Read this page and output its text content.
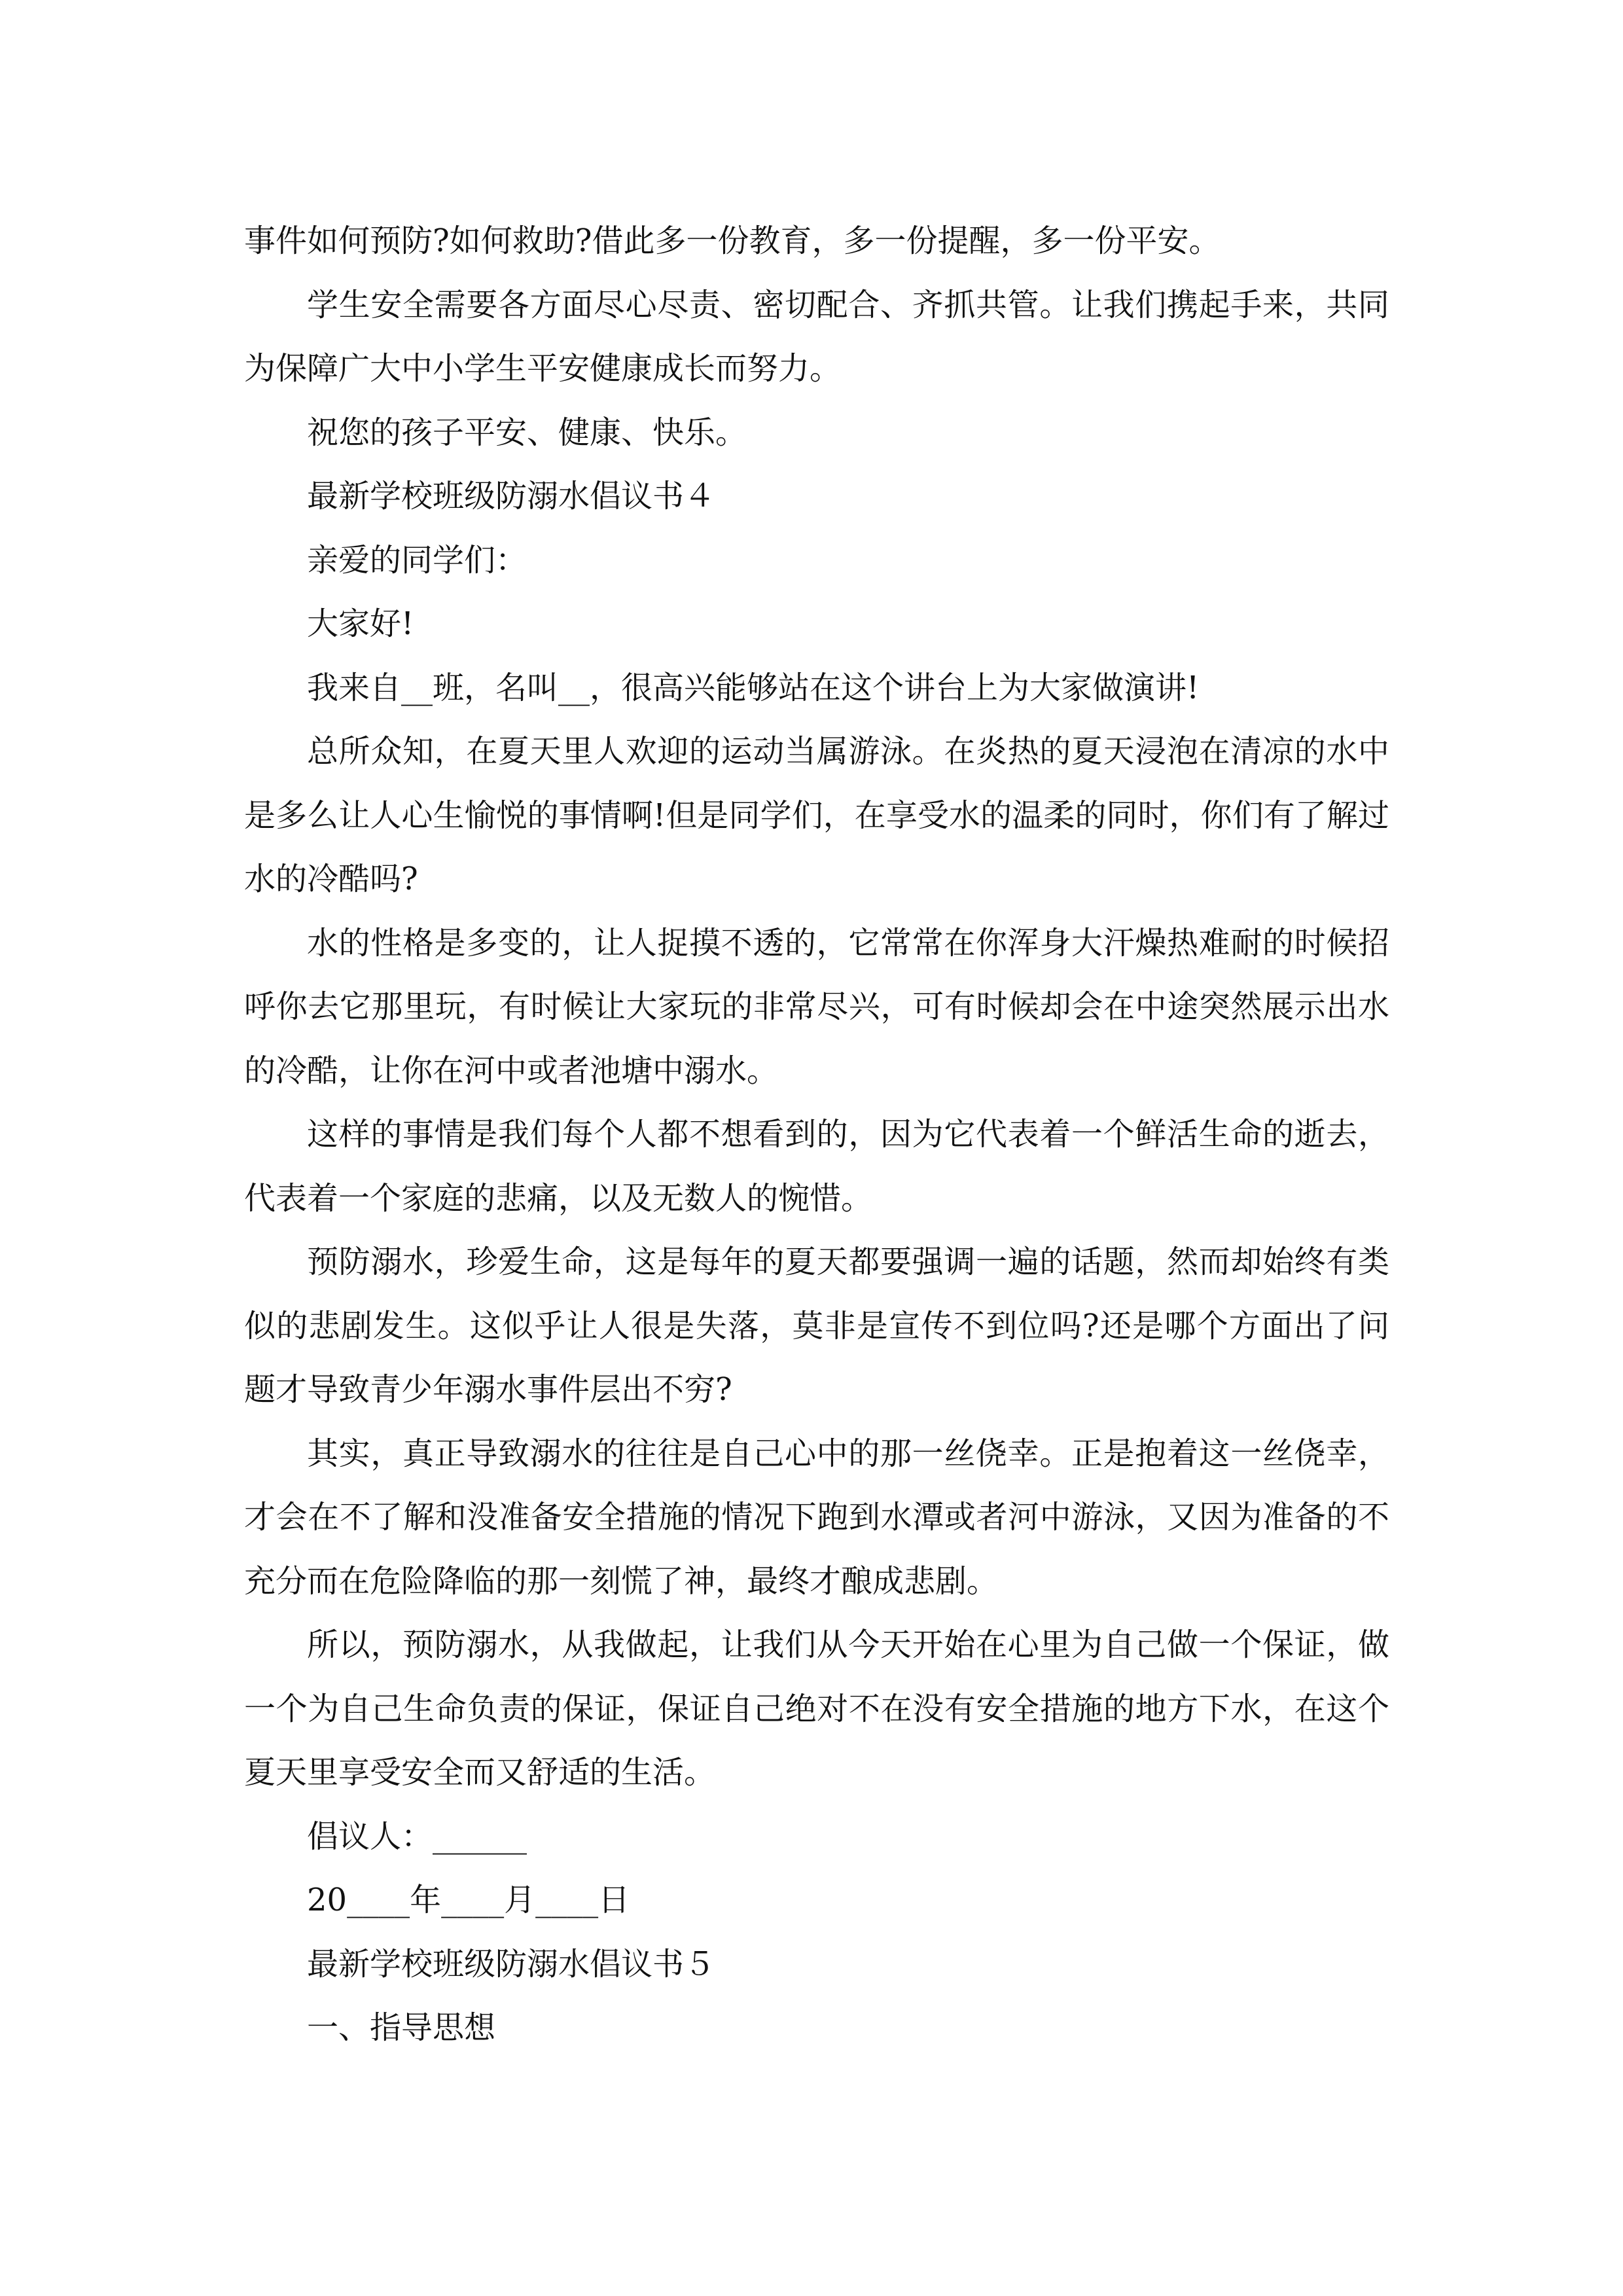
事件如何预防?如何救助?借此多一份教育，多一份提醒，多一份平安。

学生安全需要各方面尽心尽责、密切配合、齐抓共管。让我们携起手来，共同为保障广大中小学生平安健康成长而努力。

祝您的孩子平安、健康、快乐。

最新学校班级防溺水倡议书４

亲爱的同学们：

大家好!

我来自__班，名叫__，很高兴能够站在这个讲台上为大家做演讲!

总所众知，在夏天里人欢迎的运动当属游泳。在炎热的夏天浸泡在清凉的水中是多么让人心生愉悦的事情啊!但是同学们，在享受水的温柔的同时，你们有了解过水的冷酷吗?

水的性格是多变的，让人捉摸不透的，它常常在你浑身大汗燥热难耐的时候招呼你去它那里玩，有时候让大家玩的非常尽兴，可有时候却会在中途突然展示出水的冷酷，让你在河中或者池塘中溺水。

这样的事情是我们每个人都不想看到的，因为它代表着一个鲜活生命的逝去，代表着一个家庭的悲痛，以及无数人的惋惜。

预防溺水，珍爱生命，这是每年的夏天都要强调一遍的话题，然而却始终有类似的悲剧发生。这似乎让人很是失落，莫非是宣传不到位吗?还是哪个方面出了问题才导致青少年溺水事件层出不穷?

其实，真正导致溺水的往往是自己心中的那一丝侥幸。正是抱着这一丝侥幸，才会在不了解和没准备安全措施的情况下跑到水潭或者河中游泳，又因为准备的不充分而在危险降临的那一刻慌了神，最终才酿成悲剧。

所以，预防溺水，从我做起，让我们从今天开始在心里为自己做一个保证，做一个为自己生命负责的保证，保证自己绝对不在没有安全措施的地方下水，在这个夏天里享受安全而又舒适的生活。

倡议人：______

20____年____月____日

最新学校班级防溺水倡议书５

一、指导思想
